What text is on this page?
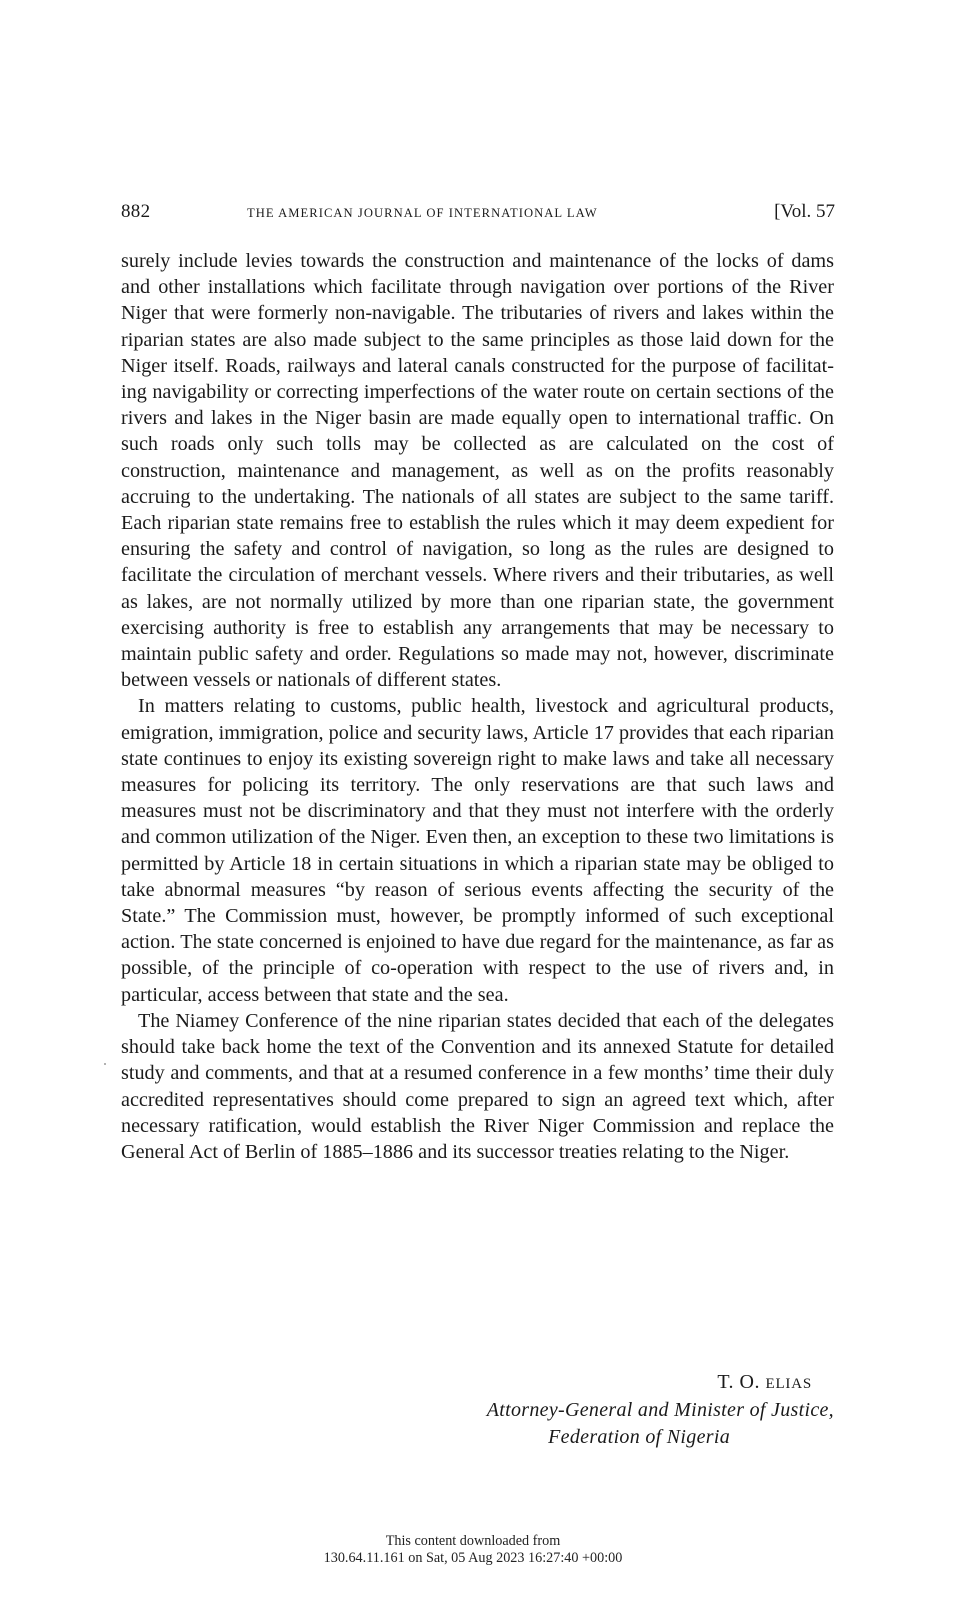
882	THE AMERICAN JOURNAL OF INTERNATIONAL LAW	[Vol. 57

surely include levies towards the construction and maintenance of the locks of dams and other installations which facilitate through navigation over portions of the River Niger that were formerly non-navigable. The tributaries of rivers and lakes within the riparian states are also made subject to the same principles as those laid down for the Niger itself. Roads, railways and lateral canals constructed for the purpose of facilitating navigability or correcting imperfections of the water route on certain sections of the rivers and lakes in the Niger basin are made equally open to international traffic. On such roads only such tolls may be collected as are calculated on the cost of construction, maintenance and management, as well as on the profits reasonably accruing to the undertaking. The nationals of all states are subject to the same tariff. Each riparian state remains free to establish the rules which it may deem expedient for ensuring the safety and control of navigation, so long as the rules are designed to facilitate the circulation of merchant vessels. Where rivers and their tributaries, as well as lakes, are not normally utilized by more than one riparian state, the government exercising authority is free to establish any arrangements that may be necessary to maintain public safety and order. Regulations so made may not, however, discriminate between vessels or nationals of different states.

In matters relating to customs, public health, livestock and agricultural products, emigration, immigration, police and security laws, Article 17 provides that each riparian state continues to enjoy its existing sovereign right to make laws and take all necessary measures for policing its territory. The only reservations are that such laws and measures must not be discriminatory and that they must not interfere with the orderly and common utilization of the Niger. Even then, an exception to these two limitations is permitted by Article 18 in certain situations in which a riparian state may be obliged to take abnormal measures “by reason of serious events affecting the security of the State.” The Commission must, however, be promptly informed of such exceptional action. The state concerned is enjoined to have due regard for the maintenance, as far as possible, of the principle of co-operation with respect to the use of rivers and, in particular, access between that state and the sea.

The Niamey Conference of the nine riparian states decided that each of the delegates should take back home the text of the Convention and its annexed Statute for detailed study and comments, and that at a resumed conference in a few months’ time their duly accredited representatives should come prepared to sign an agreed text which, after necessary ratification, would establish the River Niger Commission and replace the General Act of Berlin of 1885–1886 and its successor treaties relating to the Niger.

T. O. ELIAS
Attorney-General and Minister of Justice,
Federation of Nigeria
This content downloaded from
130.64.11.161 on Sat, 05 Aug 2023 16:27:40 +00:00
